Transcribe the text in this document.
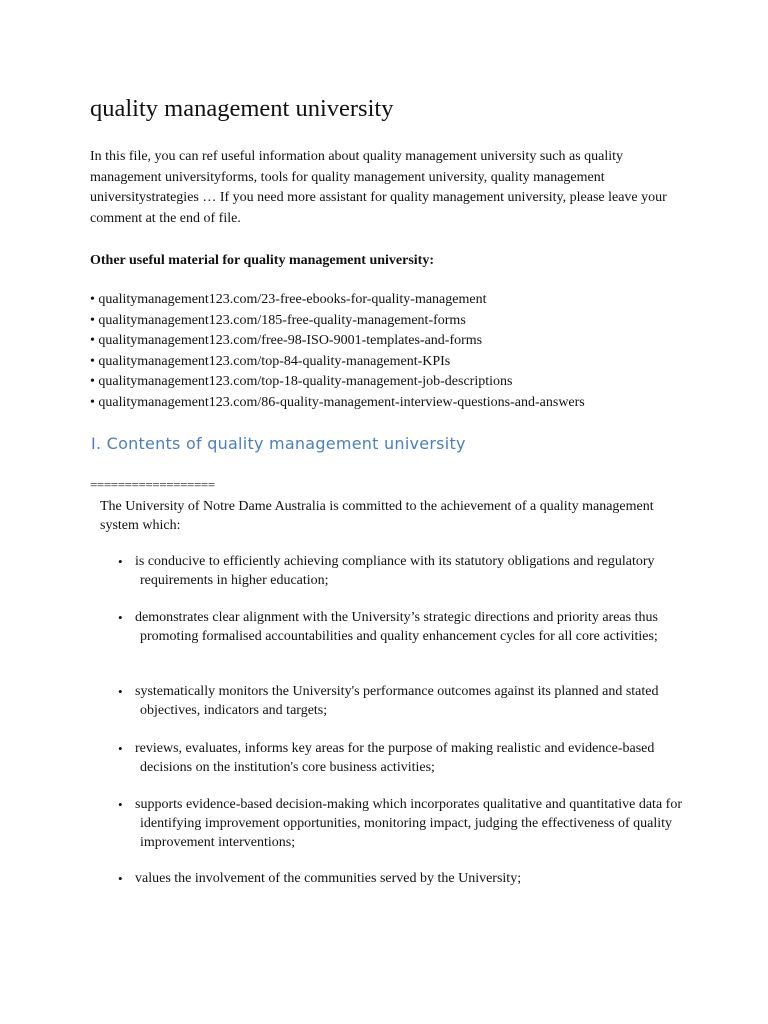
quality management university

In this file, you can ref useful information about quality management university such as quality management universityforms, tools for quality management university, quality management universitystrategies … If you need more assistant for quality management university, please leave your comment at the end of file.

Other useful material for quality management university:

• qualitymanagement123.com/23-free-ebooks-for-quality-management
• qualitymanagement123.com/185-free-quality-management-forms
• qualitymanagement123.com/free-98-ISO-9001-templates-and-forms
• qualitymanagement123.com/top-84-quality-management-KPIs
• qualitymanagement123.com/top-18-quality-management-job-descriptions
• qualitymanagement123.com/86-quality-management-interview-questions-and-answers
I. Contents of quality management university

==================

The University of Notre Dame Australia is committed to the achievement of a quality management system which:

• is conducive to efficiently achieving compliance with its statutory obligations and regulatory requirements in higher education;
• demonstrates clear alignment with the University’s strategic directions and priority areas thus promoting formalised accountabilities and quality enhancement cycles for all core activities;
• systematically monitors the University's performance outcomes against its planned and stated objectives, indicators and targets;
• reviews, evaluates, informs key areas for the purpose of making realistic and evidence-based decisions on the institution's core business activities;
• supports evidence-based decision-making which incorporates qualitative and quantitative data for identifying improvement opportunities, monitoring impact, judging the effectiveness of quality improvement interventions;
• values the involvement of the communities served by the University;
